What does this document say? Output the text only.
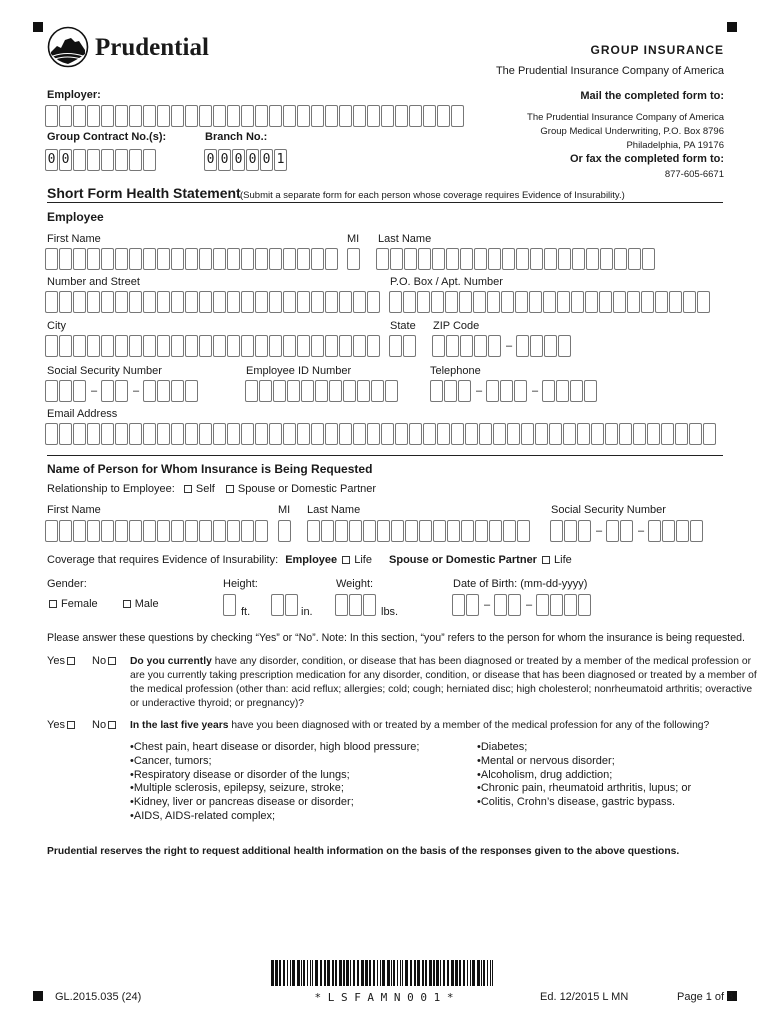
Prudential	GROUP INSURANCE
The Prudential Insurance Company of America
Employer:
Group Contract No.(s):
0 0
Branch No.:
0 0 0 0 0 1
Mail the completed form to:
The Prudential Insurance Company of America
Group Medical Underwriting, P.O. Box 8796
Philadelphia, PA 19176
Or fax the completed form to:
877-605-6671
Short Form Health Statement (Submit a separate form for each person whose coverage requires Evidence of Insurability.)
Employee
First Name	MI Last Name
Number and Street	P.O. Box / Apt. Number
City	State ZIP Code
–
Social Security Number	Employee ID Number	Telephone
–	–	–	–
Email Address
Name of Person for Whom Insurance is Being Requested
Relationship to Employee: Self Spouse or Domestic Partner
First Name	MI Last Name	Social Security Number
–	–
Coverage that requires Evidence of Insurability: Employee Life Spouse or Domestic Partner Life
Gender:
Female	Male
Height:
ft.	in.
Weight:
lbs.
Date of Birth: (mm-dd-yyyy)
–	–
Please answer these questions by checking “Yes” or “No”. Note: In this section, “you” refers to the person for whom the insurance is being requested.
Yes No	Do you currently have any disorder, condition, or disease that has been diagnosed or treated by a member of the medical profession or
are you currently taking prescription medication for any disorder, condition, or disease that has been diagnosed or treated by a member of
the medical profession (other than: acid reflux; allergies; cold; cough; herniated disc; high cholesterol; nonrheumatoid arthritis; overactive
or underactive thyroid; or pregnancy)?
Yes No	In the last five years have you been diagnosed with or treated by a member of the medical profession for any of the following?
• Chest pain, heart disease or disorder, high blood pressure;
• Cancer, tumors;
• Respiratory disease or disorder of the lungs;
• Multiple sclerosis, epilepsy, seizure, stroke;
• Kidney, liver or pancreas disease or disorder;
• AIDS, AIDS-related complex;
• Diabetes;
• Mental or nervous disorder;
• Alcoholism, drug addiction;
• Chronic pain, rheumatoid arthritis, lupus; or
• Colitis, Crohn’s disease, gastric bypass.
Prudential reserves the right to request additional health information on the basis of the responses given to the above questions.
* L S F A M N 0 0 1 *
GL.2015.035 (24)	Ed. 12/2015 L MN	Page 1 of 3
